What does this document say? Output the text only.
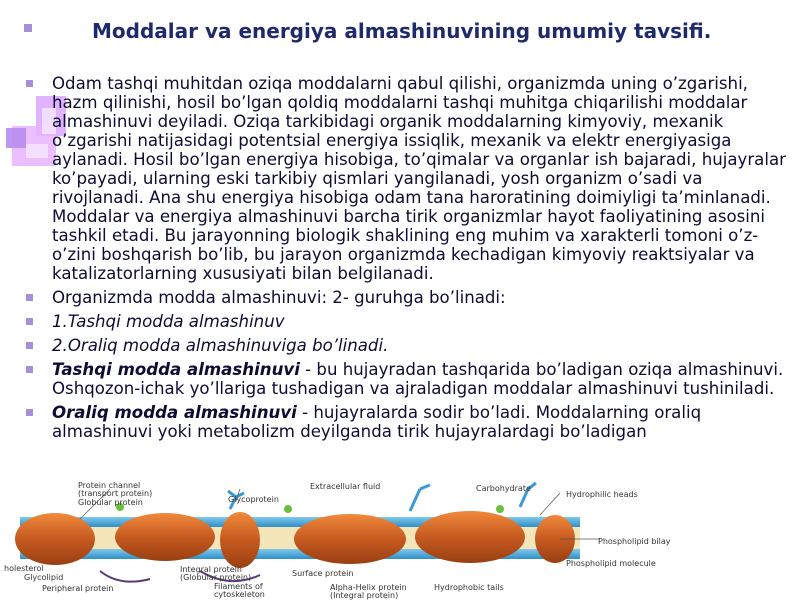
Moddalar va energiya almashinuvining umumiy tavsifi.
Odam tashqi muhitdan oziqa moddalarni qabul qilishi, organizmda uning o’zgarishi, hazm qilinishi, hosil bo’lgan qoldiq moddalarni tashqi muhitga chiqarilishi moddalar almashinuvi deyiladi. Oziqa tarkibidagi organik moddalarning kimyoviy, mexanik o’zgarishi natijasidagi potentsial energiya issiqlik, mexanik va elektr energiyasiga aylanadi. Hosil bo’lgan energiya hisobiga, to’qimalar va organlar ish bajaradi, hujayralar ko’payadi, ularning eski tarkibiy qismlari yangilanadi, yosh organizm o’sadi va rivojlanadi. Ana shu energiya hisobiga odam tana haroratining doimiyligi ta’minlanadi. Moddalar va energiya almashinuvi barcha tirik organizmlar hayot faoliyatining asosini tashkil etadi. Bu jarayonning biologik shaklining eng muhim va xarakterli tomoni o’z-o’zini boshqarish bo’lib, bu jarayon organizmda kechadigan kimyoviy reaktsiyalar va katalizatorlarning xususiyati bilan belgilanadi.
Organizmda modda almashinuvi: 2- guruhga bo’linadi:
1.Tashqi modda almashinuv
2.Oraliq modda almashinuviga bo’linadi.
Tashqi modda almashinuvi - bu hujayradan tashqarida bo’ladigan oziqa almashinuvi. Oshqozon-ichak yo’llariga tushadigan va ajraladigan moddalar almashinuvi tushiniladi.
Oraliq modda almashinuvi - hujayralarda sodir bo’ladi. Moddalarning oraliq almashinuvi yoki metabolizm deyilganda tirik hujayralardagi bo’ladigan
Protein channel
(transport protein)
Globular protein	Glycoprotein
Extracellular fluid	Carbohydrate
Hydrophilic heads
Phospholipid bilay
Phospholipid molecule
holesterol
Glycolipid
Peripheral protein
Integral protein
(Globular protein)
Filaments of
cytoskeleton
Surface protein
Alpha-Helix protein
(Integral protein)
Hydrophobic tails
